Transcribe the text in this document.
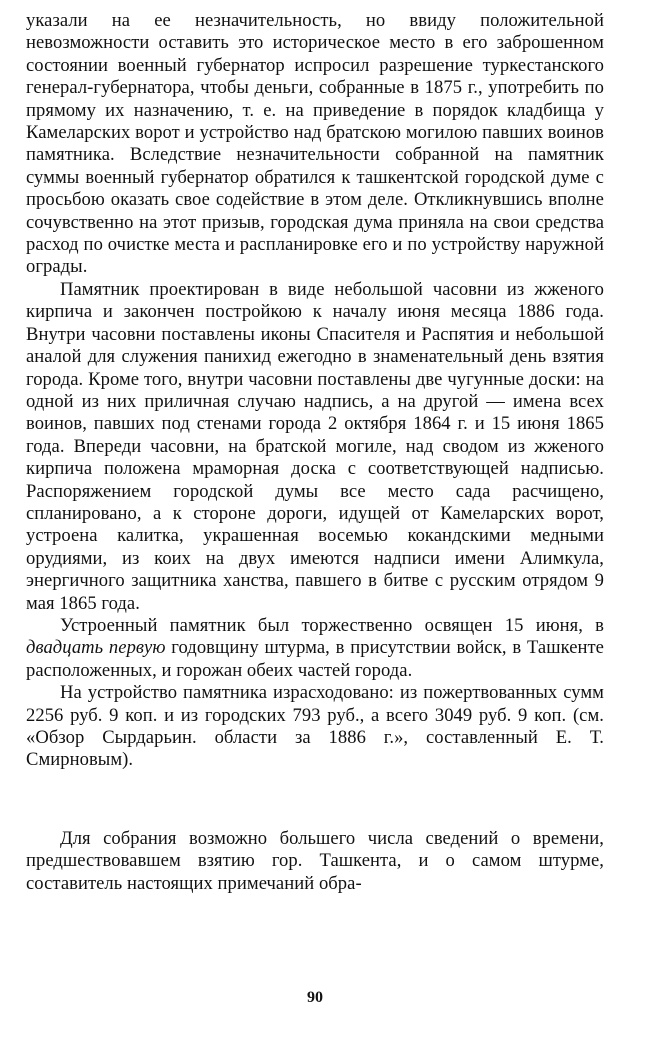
указали на ее незначительность, но ввиду положительной невозможности оставить это историческое место в его заброшенном состоянии военный губернатор испросил разрешение туркестанского генерал-губернатора, чтобы деньги, собранные в 1875 г., употребить по прямому их назначению, т. е. на приведение в порядок кладбища у Камеларских ворот и устройство над братскою могилою павших воинов памятника. Вследствие незначительности собранной на памятник суммы военный губернатор обратился к ташкентской городской думе с просьбою оказать свое содействие в этом деле. Откликнувшись вполне сочувственно на этот призыв, городская дума приняла на свои средства расход по очистке места и распланировке его и по устройству наружной ограды.

Памятник проектирован в виде небольшой часовни из жженого кирпича и закончен постройкою к началу июня месяца 1886 года. Внутри часовни поставлены иконы Спасителя и Распятия и небольшой аналой для служения панихид ежегодно в знаменательный день взятия города. Кроме того, внутри часовни поставлены две чугунные доски: на одной из них приличная случаю надпись, а на другой — имена всех воинов, павших под стенами города 2 октября 1864 г. и 15 июня 1865 года. Впереди часовни, на братской могиле, над сводом из жженого кирпича положена мраморная доска с соответствующей надписью. Распоряжением городской думы все место сада расчищено, спланировано, а к стороне дороги, идущей от Камеларских ворот, устроена калитка, украшенная восемью кокандскими медными орудиями, из коих на двух имеются надписи имени Алимкула, энергичного защитника ханства, павшего в битве с русским отрядом 9 мая 1865 года.

Устроенный памятник был торжественно освящен 15 июня, в двадцать первую годовщину штурма, в присутствии войск, в Ташкенте расположенных, и горожан обеих частей города.

На устройство памятника израсходовано: из пожертвованных сумм 2256 руб. 9 коп. и из городских 793 руб., а всего 3049 руб. 9 коп. (см. «Обзор Сырдарьин. области за 1886 г.», составленный Е. Т. Смирновым).

Для собрания возможно большего числа сведений о времени, предшествовавшем взятию гор. Ташкента, и о самом штурме, составитель настоящих примечаний обра-

90
